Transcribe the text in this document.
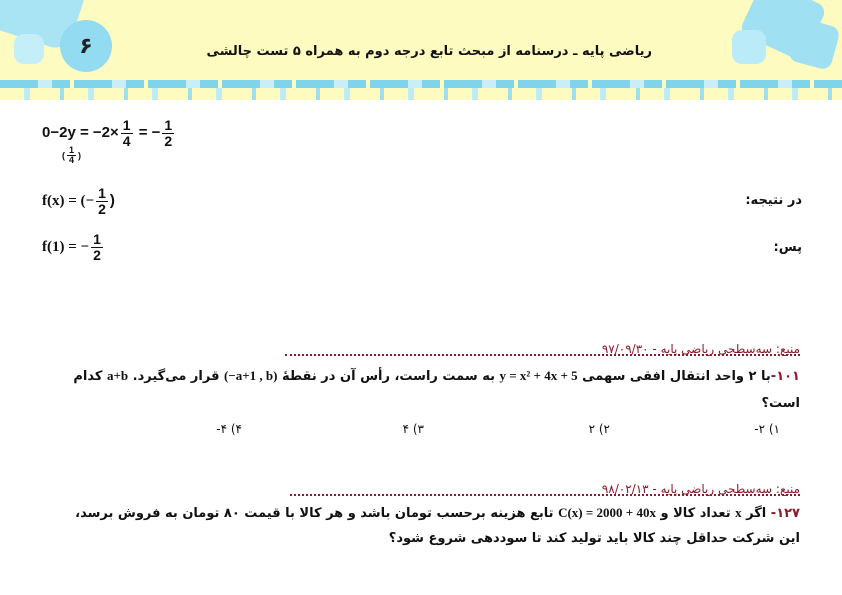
۶	ریاضی پایه ـ درسنامه از مبحث تابع درجه دوم به همراه ۵ تست چالشی
$0-2y = -2\times \frac{1}{4}$ = − $\frac{1}{2}$
( $\frac{1}{4}$ )
f(x) = (− $\frac{1}{2}$ )	در نتیجه:
f(1) = − $\frac{1}{2}$	پس:
منبع: سه‌سطحی ریاضی پایه - ۹۷/۰۹/۳۰
۱۰۱-با ۲ واحد انتقال افقی سهمی y = x² + 4x + 5 به سمت راست، رأس آن در نقطهٔ (−a+1 , b) قرار می‌گیرد. a+b کدام
است؟
۱) ۲-
۲) ۲
۳) ۴
۴) ۴-
منبع: سه‌سطحی ریاضی پایه - ۹۸/۰۲/۱۳
۱۲۷- اگر x تعداد کالا و C(x) = 2000 + 40x تابع هزینه برحسب تومان باشد و هر کالا با قیمت ۸۰ تومان به فروش برسد،
این شرکت حداقل چند کالا باید تولید کند تا سوددهی شروع شود؟
